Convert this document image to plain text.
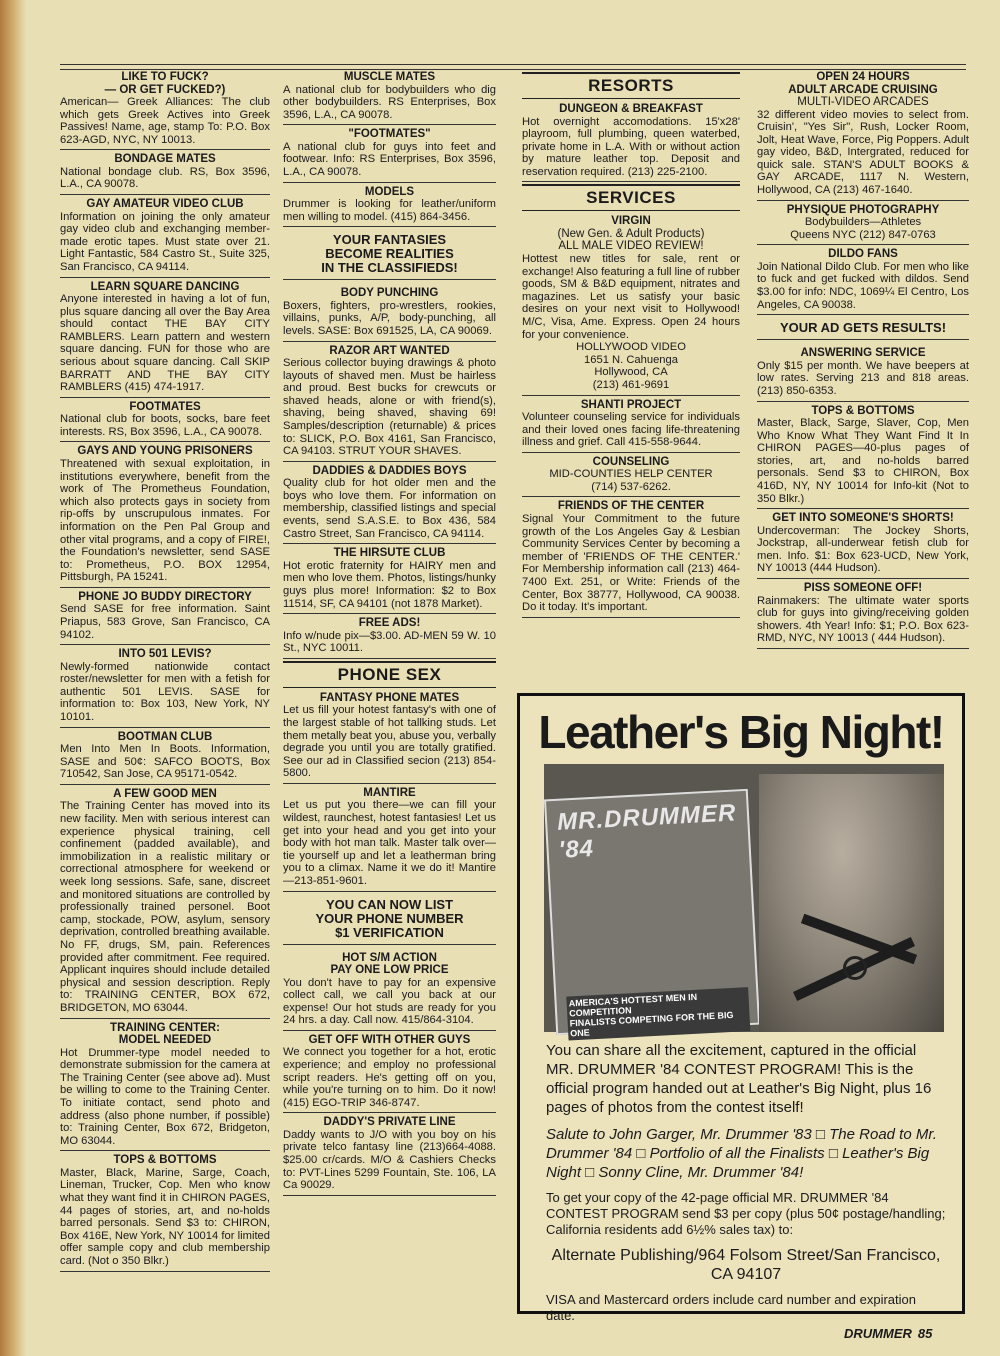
LIKE TO FUCK?
— OR GET FUCKED?)

American— Greek Alliances: The club which gets Greek Actives into Greek Passives! Name, age, stamp To: P.O. Box 623-AGD, NYC, NY 10013.

BONDAGE MATES

National bondage club. RS, Box 3596, L.A., CA 90078.

GAY AMATEUR VIDEO CLUB

Information on joining the only amateur gay video club and exchanging member-made erotic tapes. Must state over 21. Light Fantastic, 584 Castro St., Suite 325, San Francisco, CA 94114.

LEARN SQUARE DANCING

Anyone interested in having a lot of fun, plus square dancing all over the Bay Area should contact THE BAY CITY RAMBLERS. Learn pattern and western square dancing. FUN for those who are serious about square dancing. Call SKIP BARRATT AND THE BAY CITY RAMBLERS (415) 474-1917.

FOOTMATES

National club for boots, socks, bare feet interests. RS, Box 3596, L.A., CA 90078.

GAYS AND YOUNG PRISONERS

Threatened with sexual exploitation, in institutions everywhere, benefit from the work of The Prometheus Foundation, which also protects gays in society from rip-offs by unscrupulous inmates. For information on the Pen Pal Group and other vital programs, and a copy of FIRE!, the Foundation's newsletter, send SASE to: Prometheus, P.O. BOX 12954, Pittsburgh, PA 15241.

PHONE JO BUDDY DIRECTORY

Send SASE for free information. Saint Priapus, 583 Grove, San Francisco, CA 94102.

INTO 501 LEVIS?

Newly-formed nationwide contact roster/newsletter for men with a fetish for authentic 501 LEVIS. SASE for information to: Box 103, New York, NY 10101.

BOOTMAN CLUB

Men Into Men In Boots. Information, SASE and 50¢: SAFCO BOOTS, Box 710542, San Jose, CA 95171-0542.

A FEW GOOD MEN

The Training Center has moved into its new facility. Men with serious interest can experience physical training, cell confinement (padded available), and immobilization in a realistic military or correctional atmosphere for weekend or week long sessions. Safe, sane, discreet and monitored situations are controlled by professionally trained personel. Boot camp, stockade, POW, asylum, sensory deprivation, controlled breathing available. No FF, drugs, SM, pain. References provided after commitment. Fee required. Applicant inquires should include detailed physical and session description. Reply to: TRAINING CENTER, BOX 672, BRIDGETON, MO 63044.

TRAINING CENTER:
MODEL NEEDED

Hot Drummer-type model needed to demonstrate submission for the camera at The Training Center (see above ad). Must be willing to come to the Training Center. To initiate contact, send photo and address (also phone number, if possible) to: Training Center, Box 672, Bridgeton, MO 63044.

TOPS & BOTTOMS

Master, Black, Marine, Sarge, Coach, Lineman, Trucker, Cop. Men who know what they want find it in CHIRON PAGES, 44 pages of stories, art, and no-holds barred personals. Send $3 to: CHIRON, Box 416E, New York, NY 10014 for limited offer sample copy and club membership card. (Not o 350 Blkr.)

MUSCLE MATES

A national club for bodybuilders who dig other bodybuilders. RS Enterprises, Box 3596, L.A., CA 90078.

"FOOTMATES"

A national club for guys into feet and footwear. Info: RS Enterprises, Box 3596, L.A., CA 90078.

MODELS

Drummer is looking for leather/uniform men willing to model. (415) 864-3456.

YOUR FANTASIES
BECOME REALITIES
IN THE CLASSIFIEDS!
BODY PUNCHING

Boxers, fighters, pro-wrestlers, rookies, villains, punks, A/P, body-punching, all levels. SASE: Box 691525, LA, CA 90069.

RAZOR ART WANTED

Serious collector buying drawings & photo layouts of shaved men. Must be hairless and proud. Best bucks for crewcuts or shaved heads, alone or with friend(s), shaving, being shaved, shaving 69! Samples/description (returnable) & prices to: SLICK, P.O. Box 4161, San Francisco, CA 94103. STRUT YOUR SHAVES.

DADDIES & DADDIES BOYS

Quality club for hot older men and the boys who love them. For information on membership, classified listings and special events, send S.A.S.E. to Box 436, 584 Castro Street, San Francisco, CA 94114.

THE HIRSUTE CLUB

Hot erotic fraternity for HAIRY men and men who love them. Photos, listings/hunky guys plus more! Information: $2 to Box 11514, SF, CA 94101 (not 1878 Market).

FREE ADS!

Info w/nude pix—$3.00. AD-MEN 59 W. 10 St., NYC 10011.

PHONE SEX
FANTASY PHONE MATES

Let us fill your hotest fantasy's with one of the largest stable of hot tallking studs. Let them metally beat you, abuse you, verbally degrade you until you are totally gratified. See our ad in Classified secion (213) 854-5800.

MANTIRE

Let us put you there—we can fill your wildest, raunchest, hotest fantasies! Let us get into your head and you get into your body with hot man talk. Master talk over—tie yourself up and let a leatherman bring you to a climax. Name it we do it! Mantire—213-851-9601.

YOU CAN NOW LIST
YOUR PHONE NUMBER
$1 VERIFICATION
HOT S/M ACTION
PAY ONE LOW PRICE

You don't have to pay for an expensive collect call, we call you back at our expense! Our hot studs are ready for you 24 hrs. a day. Call now. 415/864-3104.

GET OFF WITH OTHER GUYS

We connect you together for a hot, erotic experience; and employ no professional script readers. He's getting off on you, while you're turning on to him. Do it now! (415) EGO-TRIP 346-8747.

DADDY'S PRIVATE LINE

Daddy wants to J/O with you boy on his private telco fantasy line (213)664-4088. $25.00 cr/cards. M/O & Cashiers Checks to: PVT-Lines 5299 Fountain, Ste. 106, LA Ca 90029.

RESORTS
DUNGEON & BREAKFAST

Hot overnight accomodations. 15'x28' playroom, full plumbing, queen waterbed, private home in L.A. With or without action by mature leather top. Deposit and reservation required. (213) 225-2100.

SERVICES
VIRGIN
(New Gen. & Adult Products)
ALL MALE VIDEO REVIEW!

Hottest new titles for sale, rent or exchange! Also featuring a full line of rubber goods, SM & B&D equipment, nitrates and magazines. Let us satisfy your basic desires on your next visit to Hollywood! M/C, Visa, Ame. Express. Open 24 hours for your convenience.

HOLLYWOOD VIDEO
1651 N. Cahuenga
Hollywood, CA
(213) 461-9691

SHANTI PROJECT

Volunteer counseling service for individuals and their loved ones facing life-threatening illness and grief. Call 415-558-9644.

COUNSELING

MID-COUNTIES HELP CENTER
(714) 537-6262.

FRIENDS OF THE CENTER

Signal Your Commitment to the future growth of the Los Angeles Gay & Lesbian Community Services Center by becoming a member of 'FRIENDS OF THE CENTER.' For Membership information call (213) 464-7400 Ext. 251, or Write: Friends of the Center, Box 38777, Hollywood, CA 90038. Do it today. It's important.

OPEN 24 HOURS
ADULT ARCADE CRUISING
MULTI-VIDEO ARCADES

32 different video movies to select from. Cruisin', "Yes Sir", Rush, Locker Room, Jolt, Heat Wave, Force, Pig Poppers. Adult gay video, B&D, Intergrated, reduced for quick sale. STAN'S ADULT BOOKS & GAY ARCADE, 1117 N. Western, Hollywood, CA (213) 467-1640.

PHYSIQUE PHOTOGRAPHY

Bodybuilders—Athletes
Queens NYC (212) 847-0763

DILDO FANS

Join National Dildo Club. For men who like to fuck and get fucked with dildos. Send $3.00 for info: NDC, 1069¼ El Centro, Los Angeles, CA 90038.

YOUR AD GETS RESULTS!
ANSWERING SERVICE

Only $15 per month. We have beepers at low rates. Serving 213 and 818 areas. (213) 850-6353.

TOPS & BOTTOMS

Master, Black, Sarge, Slaver, Cop, Men Who Know What They Want Find It In CHIRON PAGES—40-plus pages of stories, art, and no-holds barred personals. Send $3 to CHIRON, Box 416D, NY, NY 10014 for Info-kit (Not to 350 Blkr.)

GET INTO SOMEONE'S SHORTS!

Undercoverman: The Jockey Shorts, Jockstrap, all-underwear fetish club for men. Info. $1: Box 623-UCD, New York, NY 10013 (444 Hudson).

PISS SOMEONE OFF!

Rainmakers: The ultimate water sports club for guys into giving/receiving golden showers. 4th Year! Info: $1; P.O. Box 623-RMD, NYC, NY 10013 ( 444 Hudson).

Leather's Big Night!
MR.DRUMMER '84
AMERICA'S HOTTEST MEN IN COMPETITION
FINALISTS COMPETING FOR THE BIG ONE

You can share all the excitement, captured in the official MR. DRUMMER '84 CONTEST PROGRAM! This is the official program handed out at Leather's Big Night, plus 16 pages of photos from the contest itself!

Salute to John Garger, Mr. Drummer '83 □ The Road to Mr. Drummer '84 □ Portfolio of all the Finalists □ Leather's Big Night □ Sonny Cline, Mr. Drummer '84!

To get your copy of the 42-page official MR. DRUMMER '84 CONTEST PROGRAM send $3 per copy (plus 50¢ postage/handling; California residents add 6½% sales tax) to:

Alternate Publishing/964 Folsom Street/San Francisco,

CA 94107

VISA and Mastercard orders include card number and expiration date.

DRUMMER 85
